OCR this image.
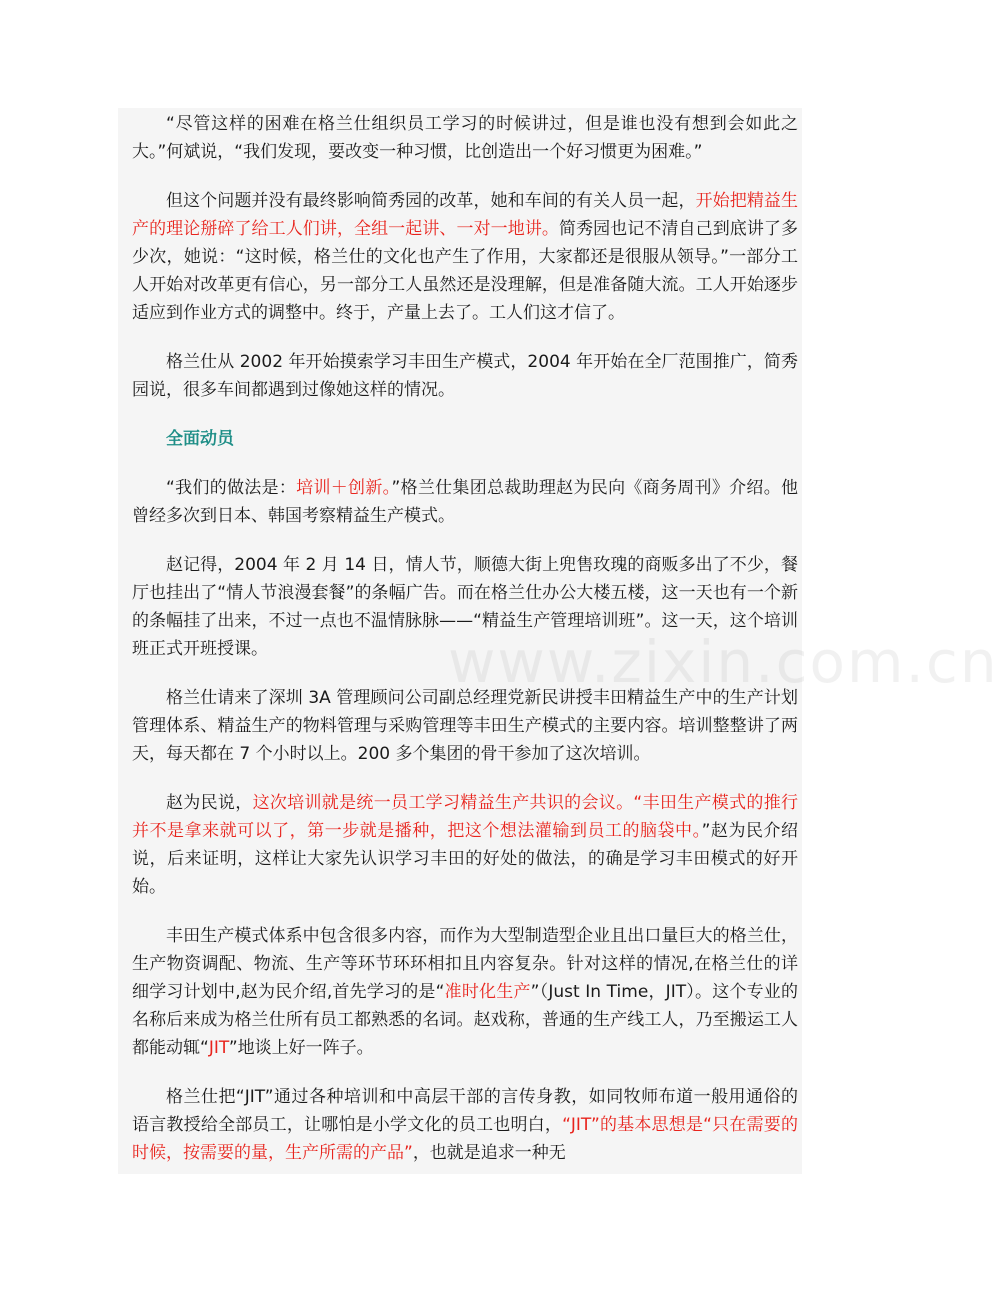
“尽管这样的困难在格兰仕组织员工学习的时候讲过，但是谁也没有想到会如此之大。”何斌说，“我们发现，要改变一种习惯，比创造出一个好习惯更为困难。”

但这个问题并没有最终影响简秀园的改革，她和车间的有关人员一起，开始把精益生产的理论掰碎了给工人们讲，全组一起讲、一对一地讲。简秀园也记不清自己到底讲了多少次，她说：“这时候，格兰仕的文化也产生了作用，大家都还是很服从领导。”一部分工人开始对改革更有信心，另一部分工人虽然还是没理解，但是准备随大流。工人开始逐步适应到作业方式的调整中。终于，产量上去了。工人们这才信了。

格兰仕从 2002 年开始摸索学习丰田生产模式，2004 年开始在全厂范围推广，简秀园说，很多车间都遇到过像她这样的情况。

全面动员

“我们的做法是：培训＋创新。”格兰仕集团总裁助理赵为民向《商务周刊》介绍。他曾经多次到日本、韩国考察精益生产模式。

赵记得，2004 年 2 月 14 日，情人节，顺德大街上兜售玫瑰的商贩多出了不少，餐厅也挂出了“情人节浪漫套餐”的条幅广告。而在格兰仕办公大楼五楼，这一天也有一个新的条幅挂了出来，不过一点也不温情脉脉——“精益生产管理培训班”。这一天，这个培训班正式开班授课。

格兰仕请来了深圳 3A 管理顾问公司副总经理党新民讲授丰田精益生产中的生产计划管理体系、精益生产的物料管理与采购管理等丰田生产模式的主要内容。培训整整讲了两天，每天都在 7 个小时以上。200 多个集团的骨干参加了这次培训。

赵为民说，这次培训就是统一员工学习精益生产共识的会议。“丰田生产模式的推行并不是拿来就可以了，第一步就是播种，把这个想法灌输到员工的脑袋中。”赵为民介绍说，后来证明，这样让大家先认识学习丰田的好处的做法，的确是学习丰田模式的好开始。

丰田生产模式体系中包含很多内容，而作为大型制造型企业且出口量巨大的格兰仕，生产物资调配、物流、生产等环节环环相扣且内容复杂。针对这样的情况,在格兰仕的详细学习计划中,赵为民介绍,首先学习的是“准时化生产”（Just In Time，JIT）。这个专业的名称后来成为格兰仕所有员工都熟悉的名词。赵戏称，普通的生产线工人，乃至搬运工人都能动辄“JIT”地谈上好一阵子。

格兰仕把“JIT”通过各种培训和中高层干部的言传身教，如同牧师布道一般用通俗的语言教授给全部员工，让哪怕是小学文化的员工也明白，“JIT”的基本思想是“只在需要的时候，按需要的量，生产所需的产品”，也就是追求一种无

www.zixin.com.cn
